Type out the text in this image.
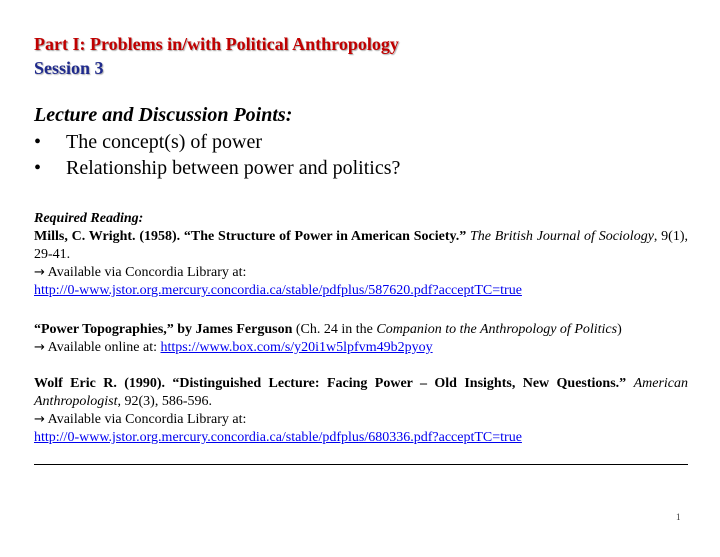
Part I: Problems in/with Political Anthropology
Session 3
Lecture and Discussion Points:
• The concept(s) of power
• Relationship between power and politics?
Required Reading:
Mills, C. Wright. (1958). “The Structure of Power in American Society.” The British Journal of Sociology, 9(1), 29-41.
→ Available via Concordia Library at:
http://0-www.jstor.org.mercury.concordia.ca/stable/pdfplus/587620.pdf?acceptTC=true
“Power Topographies,” by James Ferguson (Ch. 24 in the Companion to the Anthropology of Politics)
→ Available online at: https://www.box.com/s/y20i1w5lpfvm49b2pyoy
Wolf Eric R. (1990). “Distinguished Lecture: Facing Power – Old Insights, New Questions.” American Anthropologist, 92(3), 586-596.
→ Available via Concordia Library at:
http://0-www.jstor.org.mercury.concordia.ca/stable/pdfplus/680336.pdf?acceptTC=true
1
